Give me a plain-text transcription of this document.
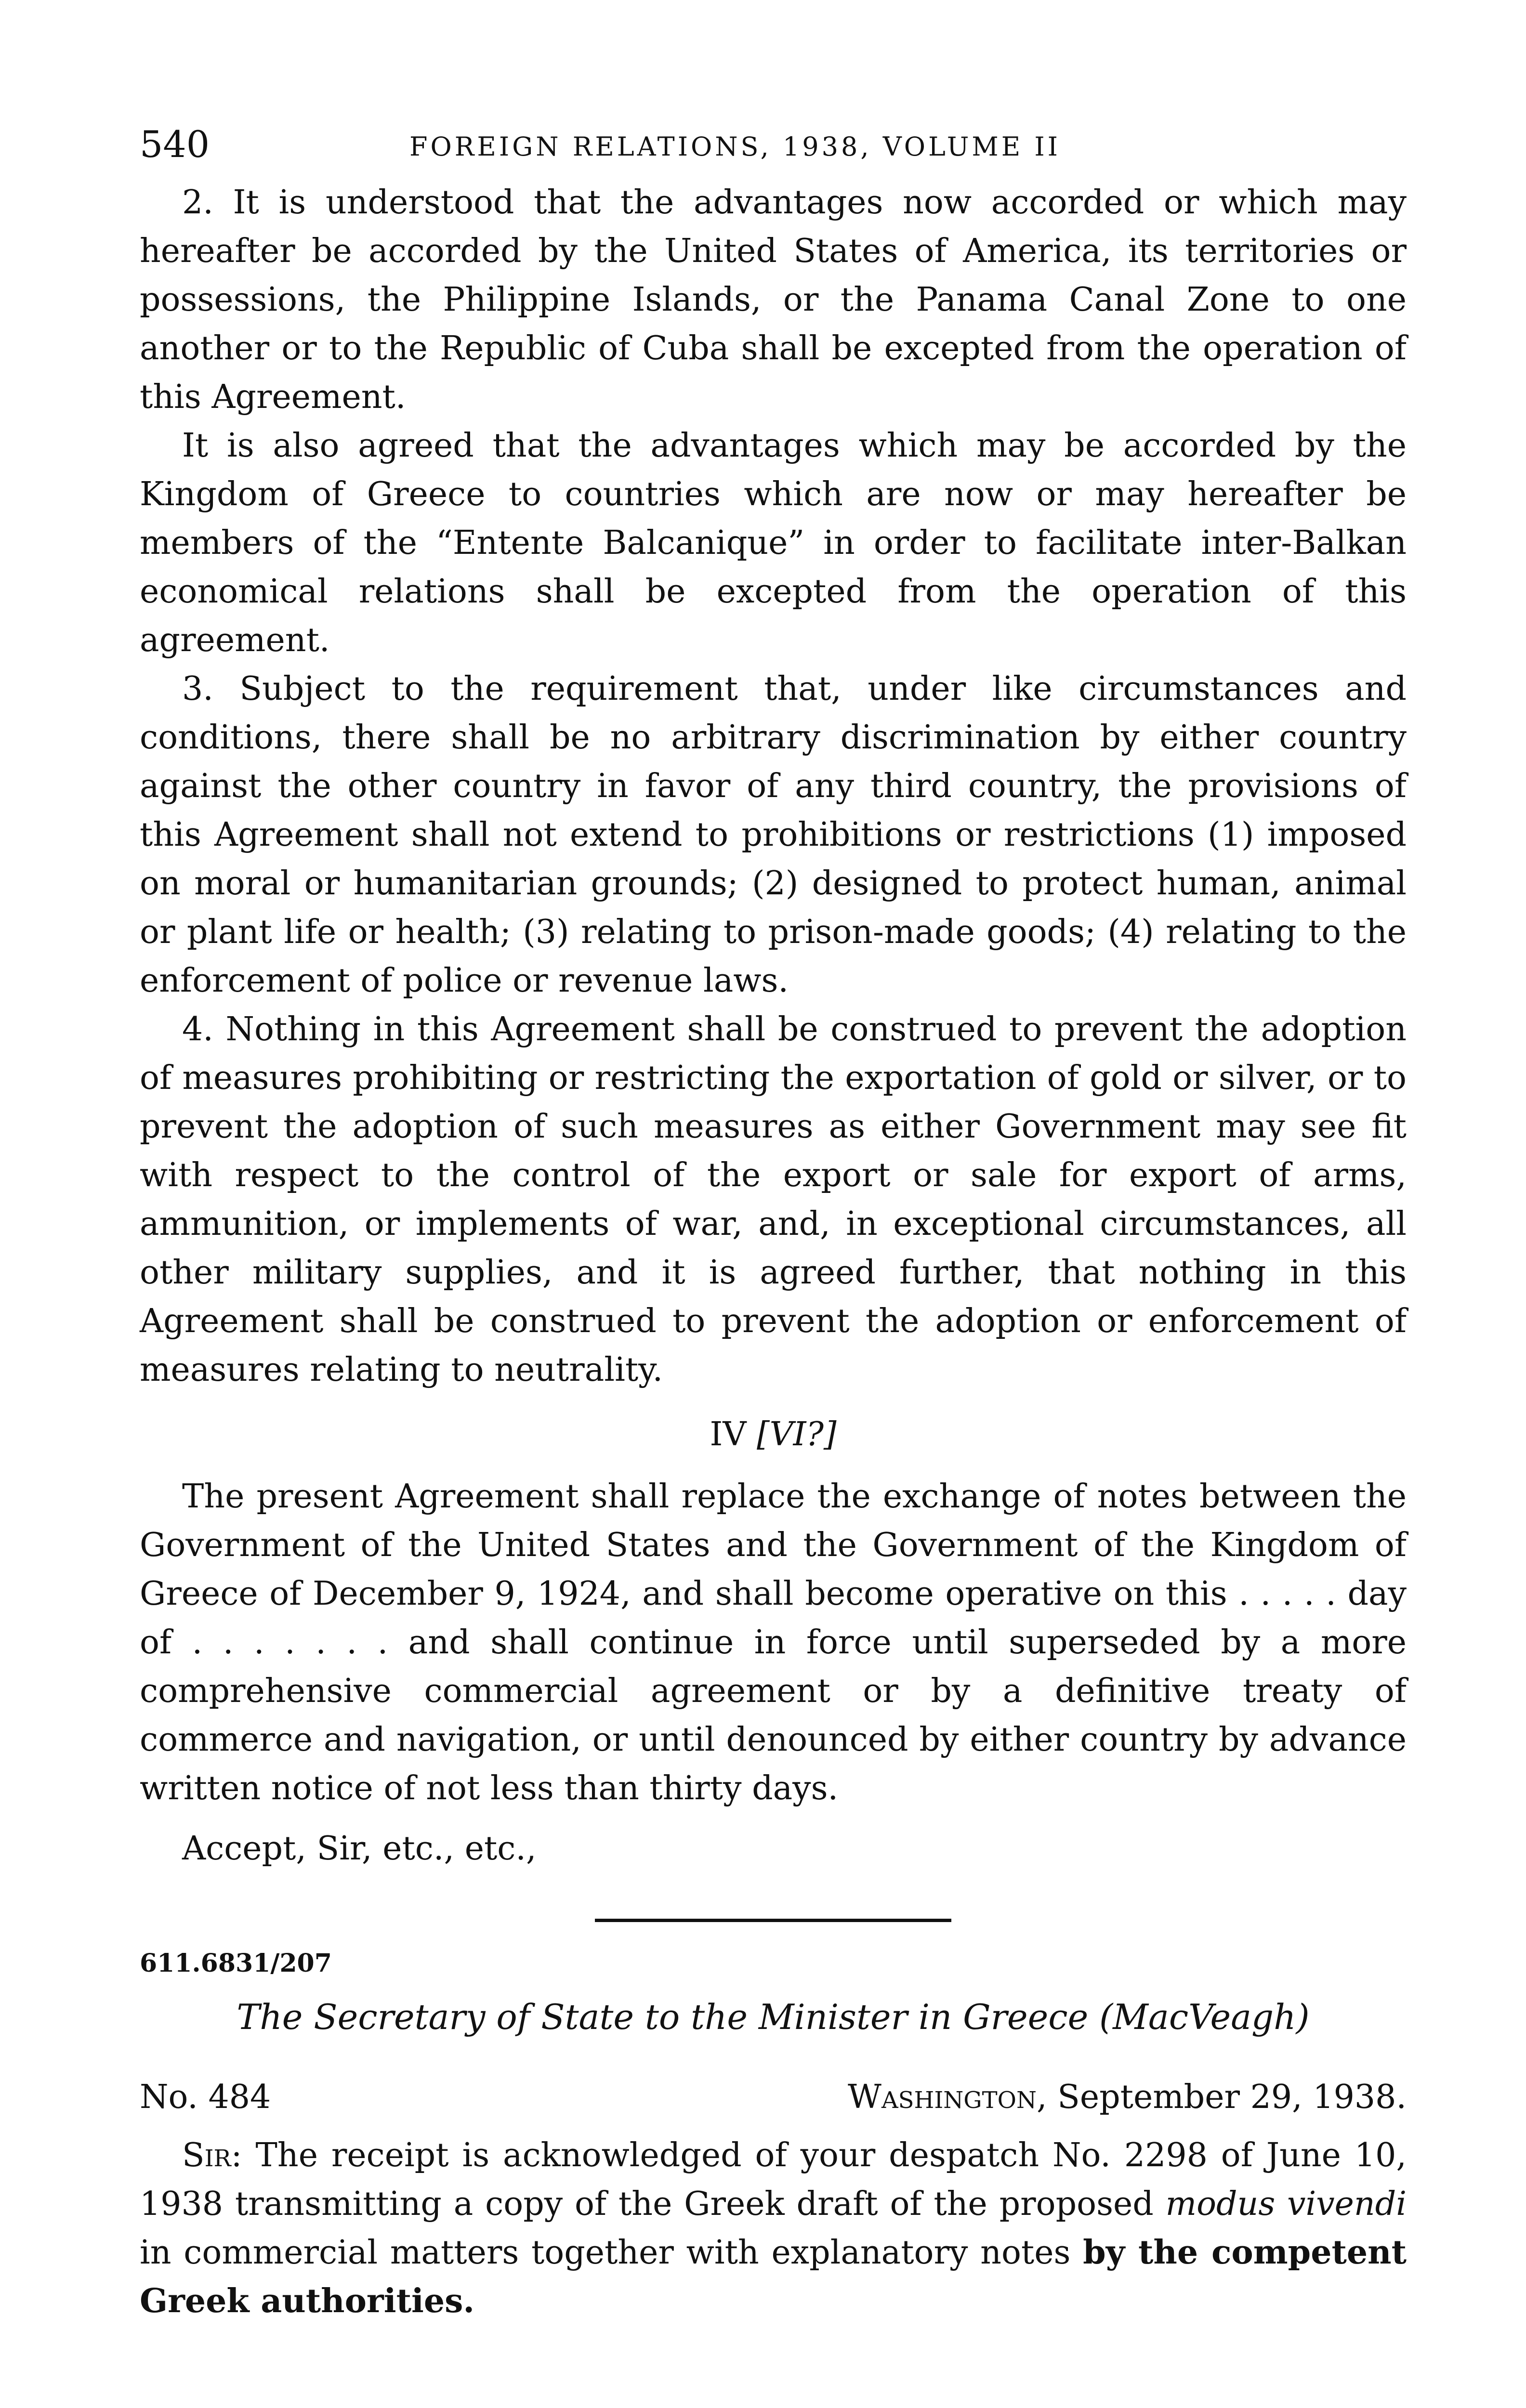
540	FOREIGN RELATIONS, 1938, VOLUME II

2. It is understood that the advantages now accorded or which may hereafter be accorded by the United States of America, its territories or possessions, the Philippine Islands, or the Panama Canal Zone to one another or to the Republic of Cuba shall be excepted from the operation of this Agreement.

It is also agreed that the advantages which may be accorded by the Kingdom of Greece to countries which are now or may hereafter be members of the “Entente Balcanique” in order to facilitate inter-Balkan economical relations shall be excepted from the operation of this agreement.

3. Subject to the requirement that, under like circumstances and conditions, there shall be no arbitrary discrimination by either country against the other country in favor of any third country, the provisions of this Agreement shall not extend to prohibitions or restrictions (1) imposed on moral or humanitarian grounds; (2) designed to protect human, animal or plant life or health; (3) relating to prison-made goods; (4) relating to the enforcement of police or revenue laws.

4. Nothing in this Agreement shall be construed to prevent the adoption of measures prohibiting or restricting the exportation of gold or silver, or to prevent the adoption of such measures as either Government may see fit with respect to the control of the export or sale for export of arms, ammunition, or implements of war, and, in exceptional circumstances, all other military supplies, and it is agreed further, that nothing in this Agreement shall be construed to prevent the adoption or enforcement of measures relating to neutrality.

IV [VI?]

The present Agreement shall replace the exchange of notes between the Government of the United States and the Government of the Kingdom of Greece of December 9, 1924, and shall become operative on this . . . . . day of . . . . . . . and shall continue in force until superseded by a more comprehensive commercial agreement or by a definitive treaty of commerce and navigation, or until denounced by either country by advance written notice of not less than thirty days.

Accept, Sir, etc., etc.,

611.6831/207
The Secretary of State to the Minister in Greece (MacVeagh)
No. 484	Washington, September 29, 1938.

Sir: The receipt is acknowledged of your despatch No. 2298 of June 10, 1938 transmitting a copy of the Greek draft of the proposed modus vivendi in commercial matters together with explanatory notes by the competent Greek authorities.
